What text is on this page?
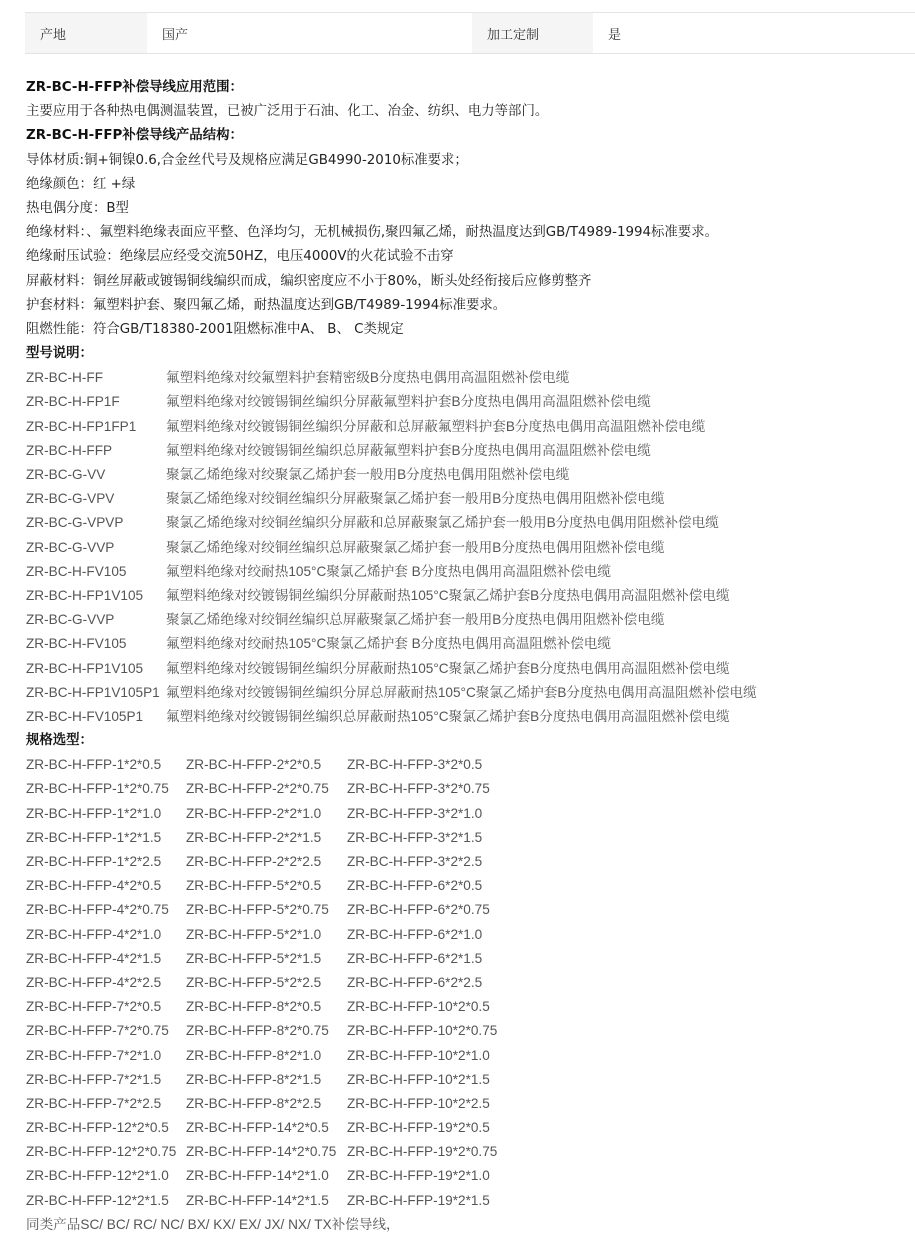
产地	国产	加工定制	是
ZR-BC-H-FFP补偿导线应用范围：
主要应用于各种热电偶测温装置，已被广泛用于石油、化工、冶金、纺织、电力等部门。
ZR-BC-H-FFP补偿导线产品结构：
导体材质:铜+铜镍0.6,合金丝代号及规格应满足GB4990-2010标准要求；
绝缘颜色：红 +绿
热电偶分度：B型
绝缘材料：、氟塑料绝缘表面应平整、色泽均匀，无机械损伤,聚四氟乙烯，耐热温度达到GB/T4989-1994标准要求。
绝缘耐压试验：绝缘层应经受交流50HZ，电压4000V的火花试验不击穿
屏蔽材料：铜丝屏蔽或镀锡铜线编织而成，编织密度应不小于80%，断头处经衔接后应修剪整齐
护套材料：氟塑料护套、聚四氟乙烯，耐热温度达到GB/T4989-1994标准要求。
阻燃性能：符合GB/T18380-2001阻燃标准中A、 B、 C类规定
型号说明：
ZR-BC-H-FF	氟塑料绝缘对绞氟塑料护套精密级B分度热电偶用高温阻燃补偿电缆
ZR-BC-H-FP1F	氟塑料绝缘对绞镀锡铜丝编织分屏蔽氟塑料护套B分度热电偶用高温阻燃补偿电缆
ZR-BC-H-FP1FP1	氟塑料绝缘对绞镀锡铜丝编织分屏蔽和总屏蔽氟塑料护套B分度热电偶用高温阻燃补偿电缆
ZR-BC-H-FFP	氟塑料绝缘对绞镀锡铜丝编织总屏蔽氟塑料护套B分度热电偶用高温阻燃补偿电缆
ZR-BC-G-VV	聚氯乙烯绝缘对绞聚氯乙烯护套一般用B分度热电偶用阻燃补偿电缆
ZR-BC-G-VPV	聚氯乙烯绝缘对绞铜丝编织分屏蔽聚氯乙烯护套一般用B分度热电偶用阻燃补偿电缆
ZR-BC-G-VPVP	聚氯乙烯绝缘对绞铜丝编织分屏蔽和总屏蔽聚氯乙烯护套一般用B分度热电偶用阻燃补偿电缆
ZR-BC-G-VVP	聚氯乙烯绝缘对绞铜丝编织总屏蔽聚氯乙烯护套一般用B分度热电偶用阻燃补偿电缆
ZR-BC-H-FV105	氟塑料绝缘对绞耐热105°C聚氯乙烯护套 B分度热电偶用高温阻燃补偿电缆
ZR-BC-H-FP1V105	氟塑料绝缘对绞镀锡铜丝编织分屏蔽耐热105°C聚氯乙烯护套B分度热电偶用高温阻燃补偿电缆
ZR-BC-G-VVP	聚氯乙烯绝缘对绞铜丝编织总屏蔽聚氯乙烯护套一般用B分度热电偶用阻燃补偿电缆
ZR-BC-H-FV105	氟塑料绝缘对绞耐热105°C聚氯乙烯护套 B分度热电偶用高温阻燃补偿电缆
ZR-BC-H-FP1V105	氟塑料绝缘对绞镀锡铜丝编织分屏蔽耐热105°C聚氯乙烯护套B分度热电偶用高温阻燃补偿电缆
ZR-BC-H-FP1V105P1 氟塑料绝缘对绞镀锡铜丝编织分屏总屏蔽耐热105°C聚氯乙烯护套B分度热电偶用高温阻燃补偿电缆
ZR-BC-H-FV105P1	氟塑料绝缘对绞镀锡铜丝编织总屏蔽耐热105°C聚氯乙烯护套B分度热电偶用高温阻燃补偿电缆
规格选型：
ZR-BC-H-FFP-1*2*0.5	ZR-BC-H-FFP-2*2*0.5	ZR-BC-H-FFP-3*2*0.5
ZR-BC-H-FFP-1*2*0.75	ZR-BC-H-FFP-2*2*0.75	ZR-BC-H-FFP-3*2*0.75
ZR-BC-H-FFP-1*2*1.0	ZR-BC-H-FFP-2*2*1.0	ZR-BC-H-FFP-3*2*1.0
ZR-BC-H-FFP-1*2*1.5	ZR-BC-H-FFP-2*2*1.5	ZR-BC-H-FFP-3*2*1.5
ZR-BC-H-FFP-1*2*2.5	ZR-BC-H-FFP-2*2*2.5	ZR-BC-H-FFP-3*2*2.5
ZR-BC-H-FFP-4*2*0.5	ZR-BC-H-FFP-5*2*0.5	ZR-BC-H-FFP-6*2*0.5
ZR-BC-H-FFP-4*2*0.75	ZR-BC-H-FFP-5*2*0.75	ZR-BC-H-FFP-6*2*0.75
ZR-BC-H-FFP-4*2*1.0	ZR-BC-H-FFP-5*2*1.0	ZR-BC-H-FFP-6*2*1.0
ZR-BC-H-FFP-4*2*1.5	ZR-BC-H-FFP-5*2*1.5	ZR-BC-H-FFP-6*2*1.5
ZR-BC-H-FFP-4*2*2.5	ZR-BC-H-FFP-5*2*2.5	ZR-BC-H-FFP-6*2*2.5
ZR-BC-H-FFP-7*2*0.5	ZR-BC-H-FFP-8*2*0.5	ZR-BC-H-FFP-10*2*0.5
ZR-BC-H-FFP-7*2*0.75	ZR-BC-H-FFP-8*2*0.75	ZR-BC-H-FFP-10*2*0.75
ZR-BC-H-FFP-7*2*1.0	ZR-BC-H-FFP-8*2*1.0	ZR-BC-H-FFP-10*2*1.0
ZR-BC-H-FFP-7*2*1.5	ZR-BC-H-FFP-8*2*1.5	ZR-BC-H-FFP-10*2*1.5
ZR-BC-H-FFP-7*2*2.5	ZR-BC-H-FFP-8*2*2.5	ZR-BC-H-FFP-10*2*2.5
ZR-BC-H-FFP-12*2*0.5	ZR-BC-H-FFP-14*2*0.5	ZR-BC-H-FFP-19*2*0.5
ZR-BC-H-FFP-12*2*0.75 ZR-BC-H-FFP-14*2*0.75 ZR-BC-H-FFP-19*2*0.75
ZR-BC-H-FFP-12*2*1.0	ZR-BC-H-FFP-14*2*1.0	ZR-BC-H-FFP-19*2*1.0
ZR-BC-H-FFP-12*2*1.5	ZR-BC-H-FFP-14*2*1.5	ZR-BC-H-FFP-19*2*1.5
同类产品SC/ BC/ RC/ NC/ BX/ KX/ EX/ JX/ NX/ TX补偿导线，
